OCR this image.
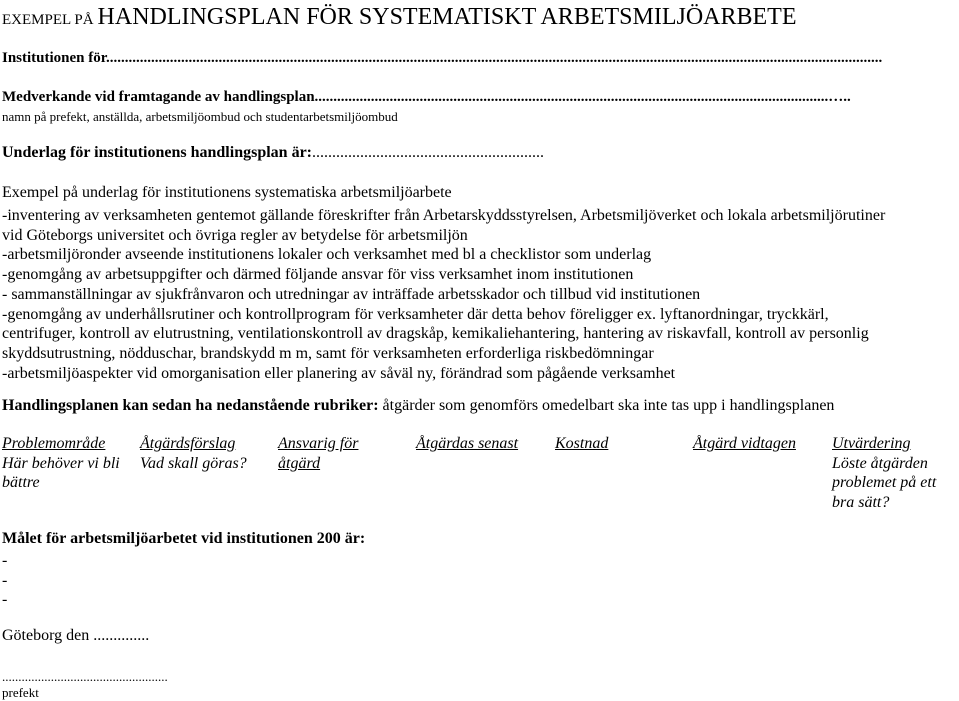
EXEMPEL PÅ HANDLINGSPLAN FÖR SYSTEMATISKT ARBETSMILJÖARBETE
Institutionen för...............................................................................................................................................................................................................
Medverkande vid framtagande av handlingsplan.........................................................................................................................................…..
namn på prefekt, anställda, arbetsmiljöombud och studentarbetsmiljöombud
Underlag för institutionens handlingsplan är:..........................................................
Exempel på underlag för institutionens systematiska arbetsmiljöarbete
-inventering av verksamheten gentemot gällande föreskrifter från Arbetarskyddsstyrelsen, Arbetsmiljöverket och lokala arbetsmiljörutiner
vid Göteborgs universitet och övriga regler av betydelse för arbetsmiljön
-arbetsmiljöronder avseende institutionens lokaler och verksamhet med bl a checklistor som underlag
-genomgång av arbetsuppgifter och därmed följande ansvar för viss verksamhet inom institutionen
- sammanställningar av sjukfrånvaron och utredningar av inträffade arbetsskador och tillbud vid institutionen
-genomgång av underhållsrutiner och kontrollprogram för verksamheter där detta behov föreligger ex. lyftanordningar, tryckkärl,
centrifuger, kontroll av elutrustning, ventilationskontroll av dragskåp, kemikaliehantering, hantering av riskavfall, kontroll av personlig
skyddsutrustning, nödduschar, brandskydd m m, samt för verksamheten erforderliga riskbedömningar
-arbetsmiljöaspekter vid omorganisation eller planering av såväl ny, förändrad som pågående verksamhet
Handlingsplanen kan sedan ha nedanstående rubriker: åtgärder som genomförs omedelbart ska inte tas upp i handlingsplanen
Problemområde
Här behöver vi bli
bättre
Åtgärdsförslag
Vad skall göras?
Ansvarig för
åtgärd
Åtgärdas senast Kostnad	Åtgärd vidtagen Utvärdering
Löste åtgärden
problemet på ett
bra sätt?
Målet för arbetsmiljöarbetet vid institutionen 200 är:
-
-
-
Göteborg den ..............
...................................................
prefekt
